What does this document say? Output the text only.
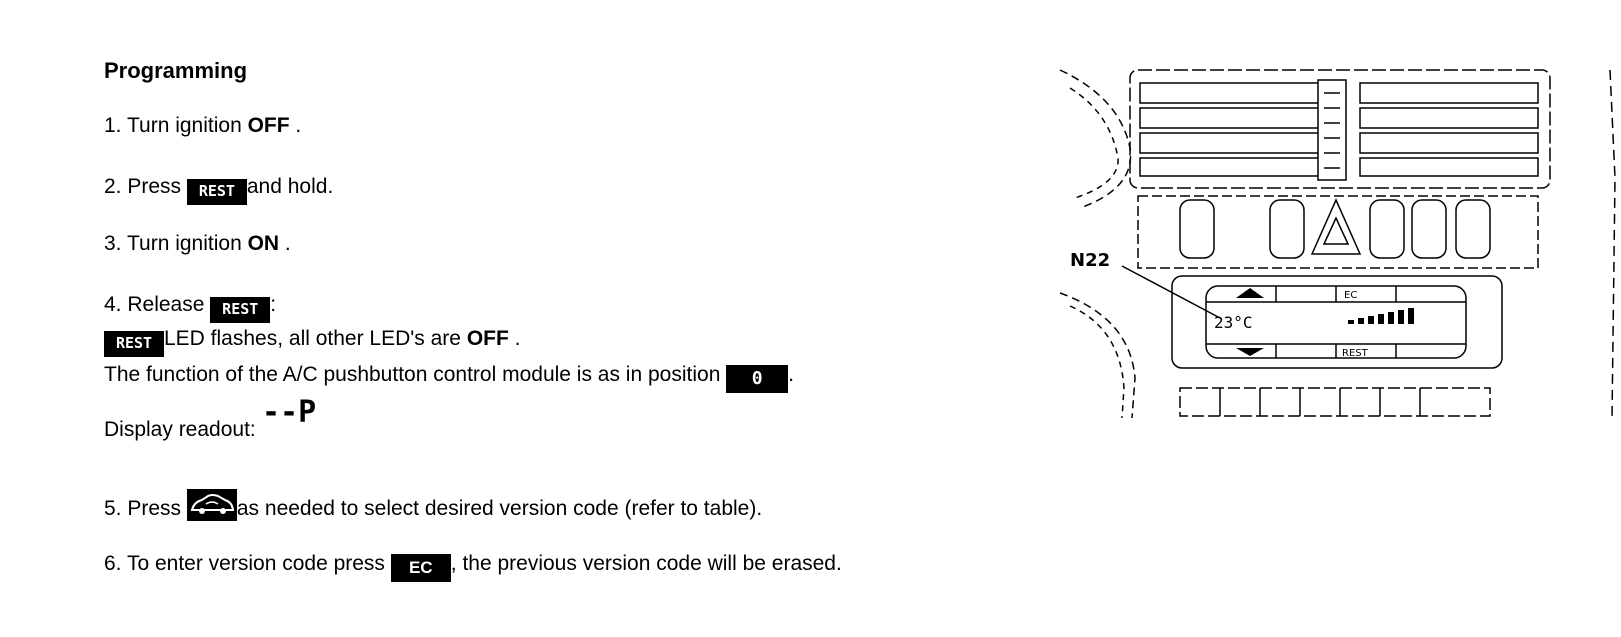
Programming
1. Turn ignition OFF .
2. Press REST and hold.
3. Turn ignition ON .
4. Release REST :
REST LED flashes, all other LED's are OFF .
The function of the A/C pushbutton control module is as in position 0 .
Display readout: --P
5. Press as needed to select desired version code (refer to table).
6. To enter version code press EC , the previous version code will be erased.
N22
23°C
REST
EC
